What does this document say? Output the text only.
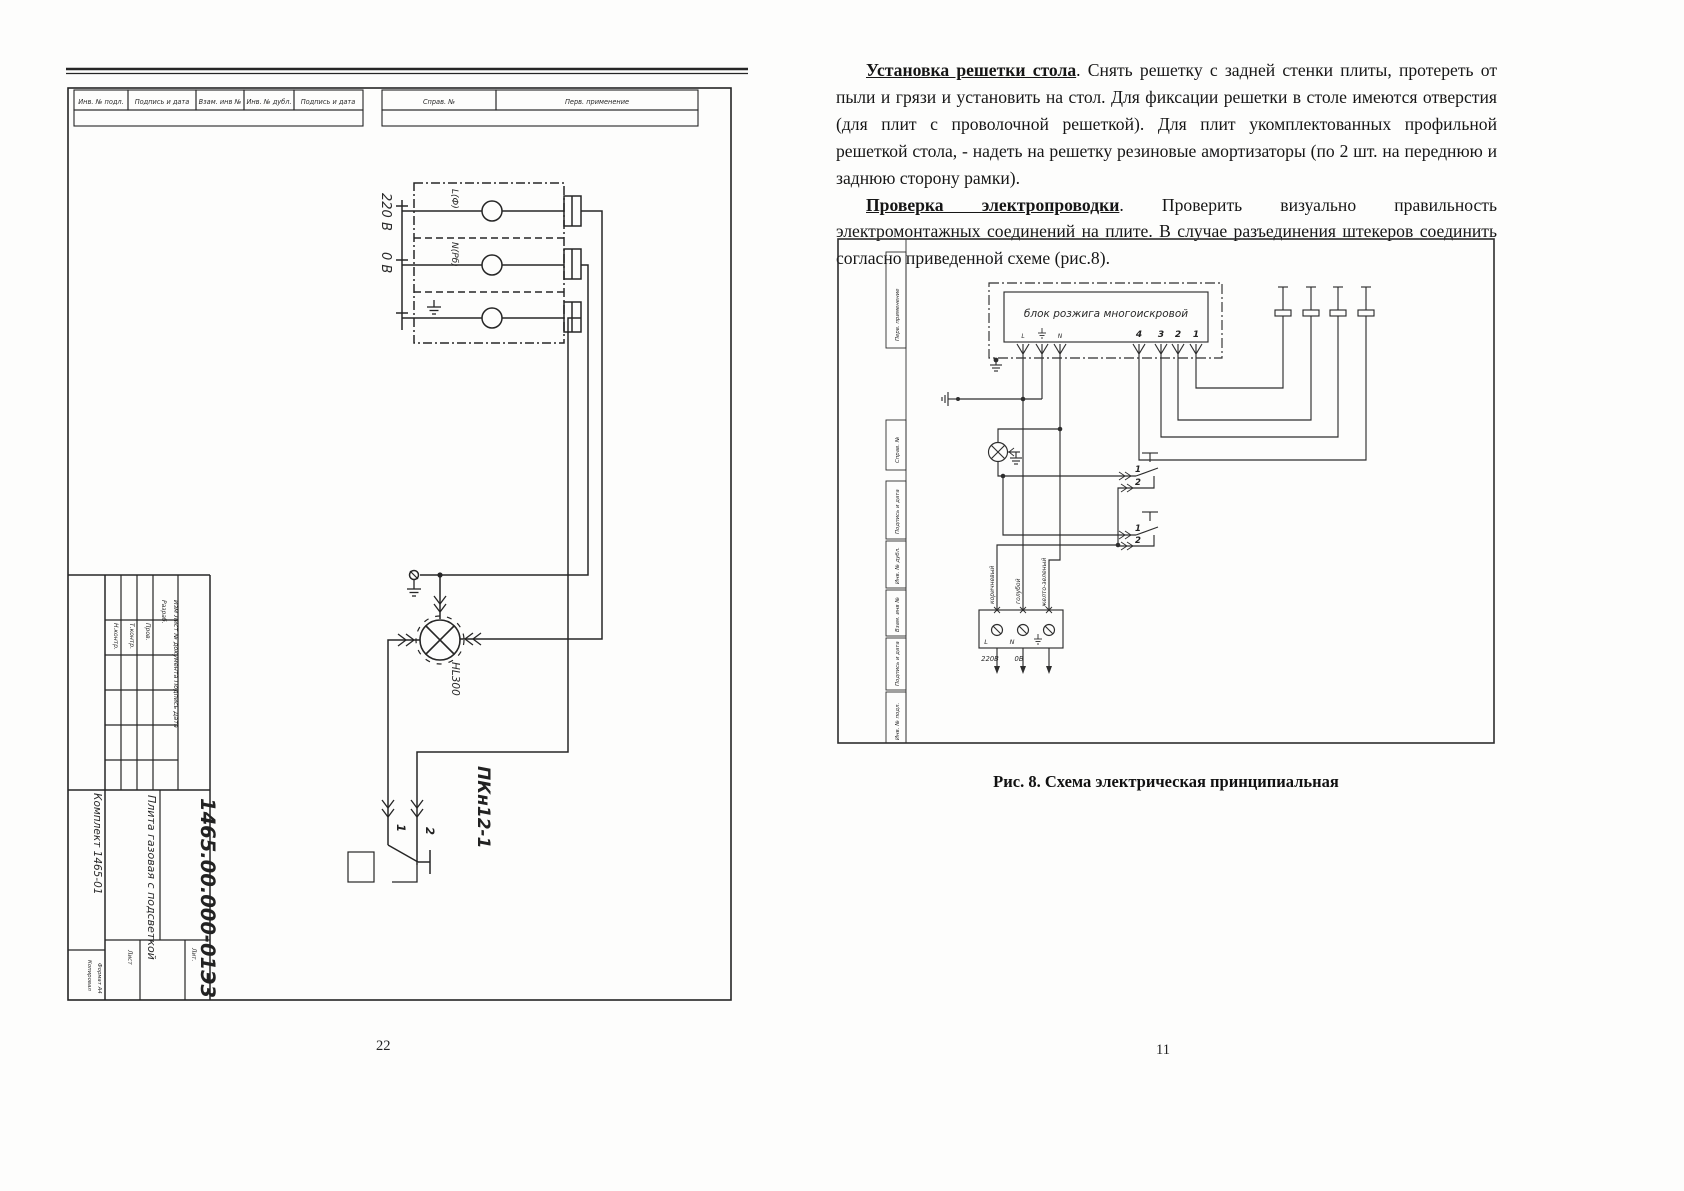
Инв. № подл. Подпись и дата Взам. инв № Инв. № дубл. Подпись и дата	Справ. №	Перв. применение
220 В
0 В
L(Ф)
N(Рб)
HL300
1 2 ПКн12-1
Н.контр. Т.контр. Пров.
Разраб. Изм Лист № документа Подпись Дата
1465.00.000-01Э3
Плита газовая с подсветкой
Комплект 1465-01
Лист	Лит.
Копировал Формат А4

Установка решетки стола. Снять решетку с задней стенки плиты, протереть от пыли и грязи и установить на стол. Для фиксации решетки в столе имеются отверстия (для плит с проволочной решеткой). Для плит укомплектованных профильной решеткой стола, - надеть на решетку резиновые амортизаторы (по 2 шт. на переднюю и заднюю сторону рамки).

Проверка электропроводки. Проверить визуально правильность электромонтажных соединений на плите. В случае разъединения штекеров соединить согласно приведенной схеме (рис.8).

Перв. применение
Справ. №
Подпись и дата
Инв. № дубл.
Взам. инв №
Подпись и дата
Инв. № подл.
блок розжига многоискровой
4 3 2 1
L	N
1
2
1
2
L	N
220В 0В
коричневый	голубой	желто-зеленый
Рис. 8. Схема электрическая принципиальная
22	11
